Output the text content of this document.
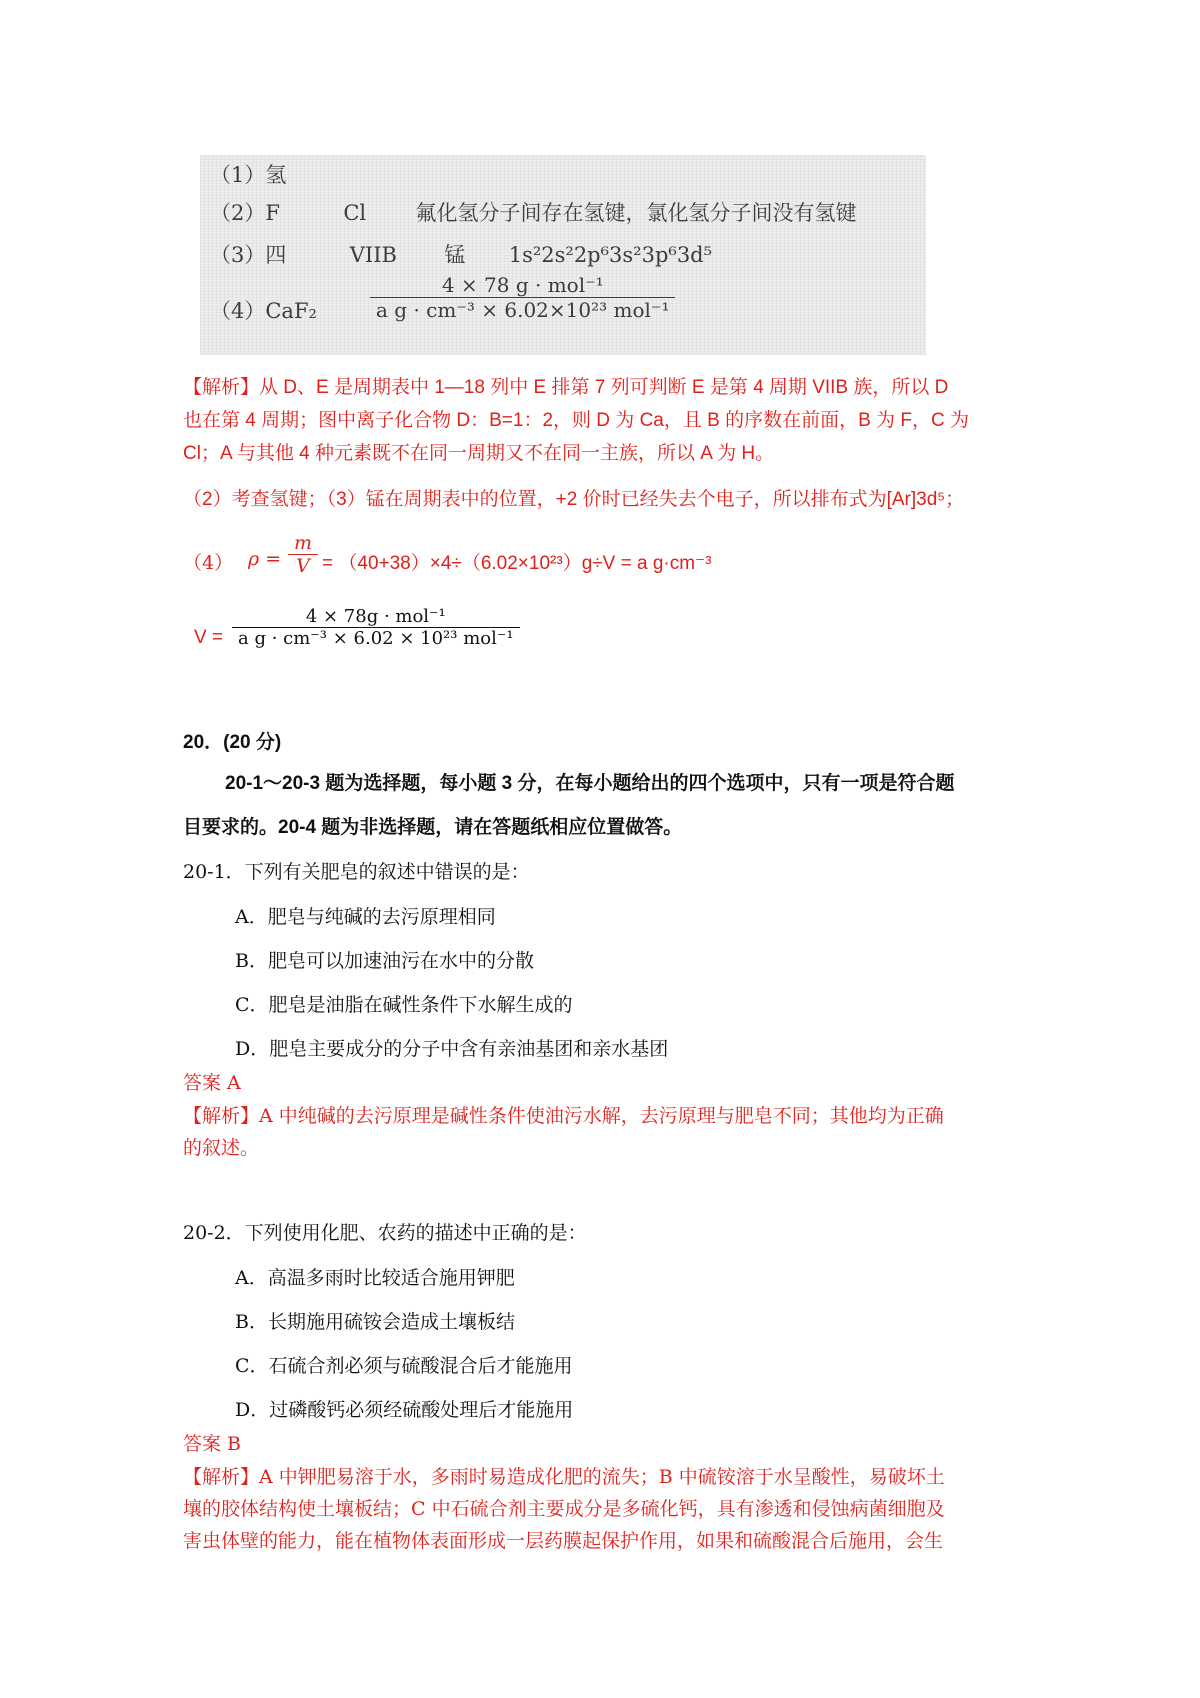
（1）氢
（2）F	Cl 氟化氢分子间存在氢键，氯化氢分子间没有氢键
（3）四	VIIB 锰 1s²2s²2p⁶3s²3p⁶3d⁵
（4）CaF₂
4 × 78 g · mol⁻¹
a g · cm⁻³ × 6.02×10²³ mol⁻¹
【解析】从 D、E 是周期表中 1—18 列中 E 排第 7 列可判断 E 是第 4 周期 VIIB 族，所以 D
也在第 4 周期；图中离子化合物 D：B=1：2，则 D 为 Ca，且 B 的序数在前面，B 为 F，C 为
Cl；A 与其他 4 种元素既不在同一周期又不在同一主族，所以 A 为 H。
（2）考查氢键；（3）锰在周期表中的位置，+2 价时已经失去个电子，所以排布式为[Ar]3d⁵；
（4） ρ =
m
V = （40+38）×4÷（6.02×10²³）g÷V = a g·cm⁻³
V =
4 × 78g · mol⁻¹
a g · cm⁻³ × 6.02 × 10²³ mol⁻¹
20．(20 分)
20-1～20-3 题为选择题，每小题 3 分，在每小题给出的四个选项中，只有一项是符合题
目要求的。20-4 题为非选择题，请在答题纸相应位置做答。
20-1．下列有关肥皂的叙述中错误的是：
A．肥皂与纯碱的去污原理相同
B．肥皂可以加速油污在水中的分散
C．肥皂是油脂在碱性条件下水解生成的
D．肥皂主要成分的分子中含有亲油基团和亲水基团
答案 A
【解析】A 中纯碱的去污原理是碱性条件使油污水解，去污原理与肥皂不同；其他均为正确
的叙述。
20-2．下列使用化肥、农药的描述中正确的是：
A．高温多雨时比较适合施用钾肥
B．长期施用硫铵会造成土壤板结
C．石硫合剂必须与硫酸混合后才能施用
D．过磷酸钙必须经硫酸处理后才能施用
答案 B
【解析】A 中钾肥易溶于水，多雨时易造成化肥的流失；B 中硫铵溶于水呈酸性，易破坏土
壤的胶体结构使土壤板结；C 中石硫合剂主要成分是多硫化钙，具有渗透和侵蚀病菌细胞及
害虫体壁的能力，能在植物体表面形成一层药膜起保护作用，如果和硫酸混合后施用，会生
